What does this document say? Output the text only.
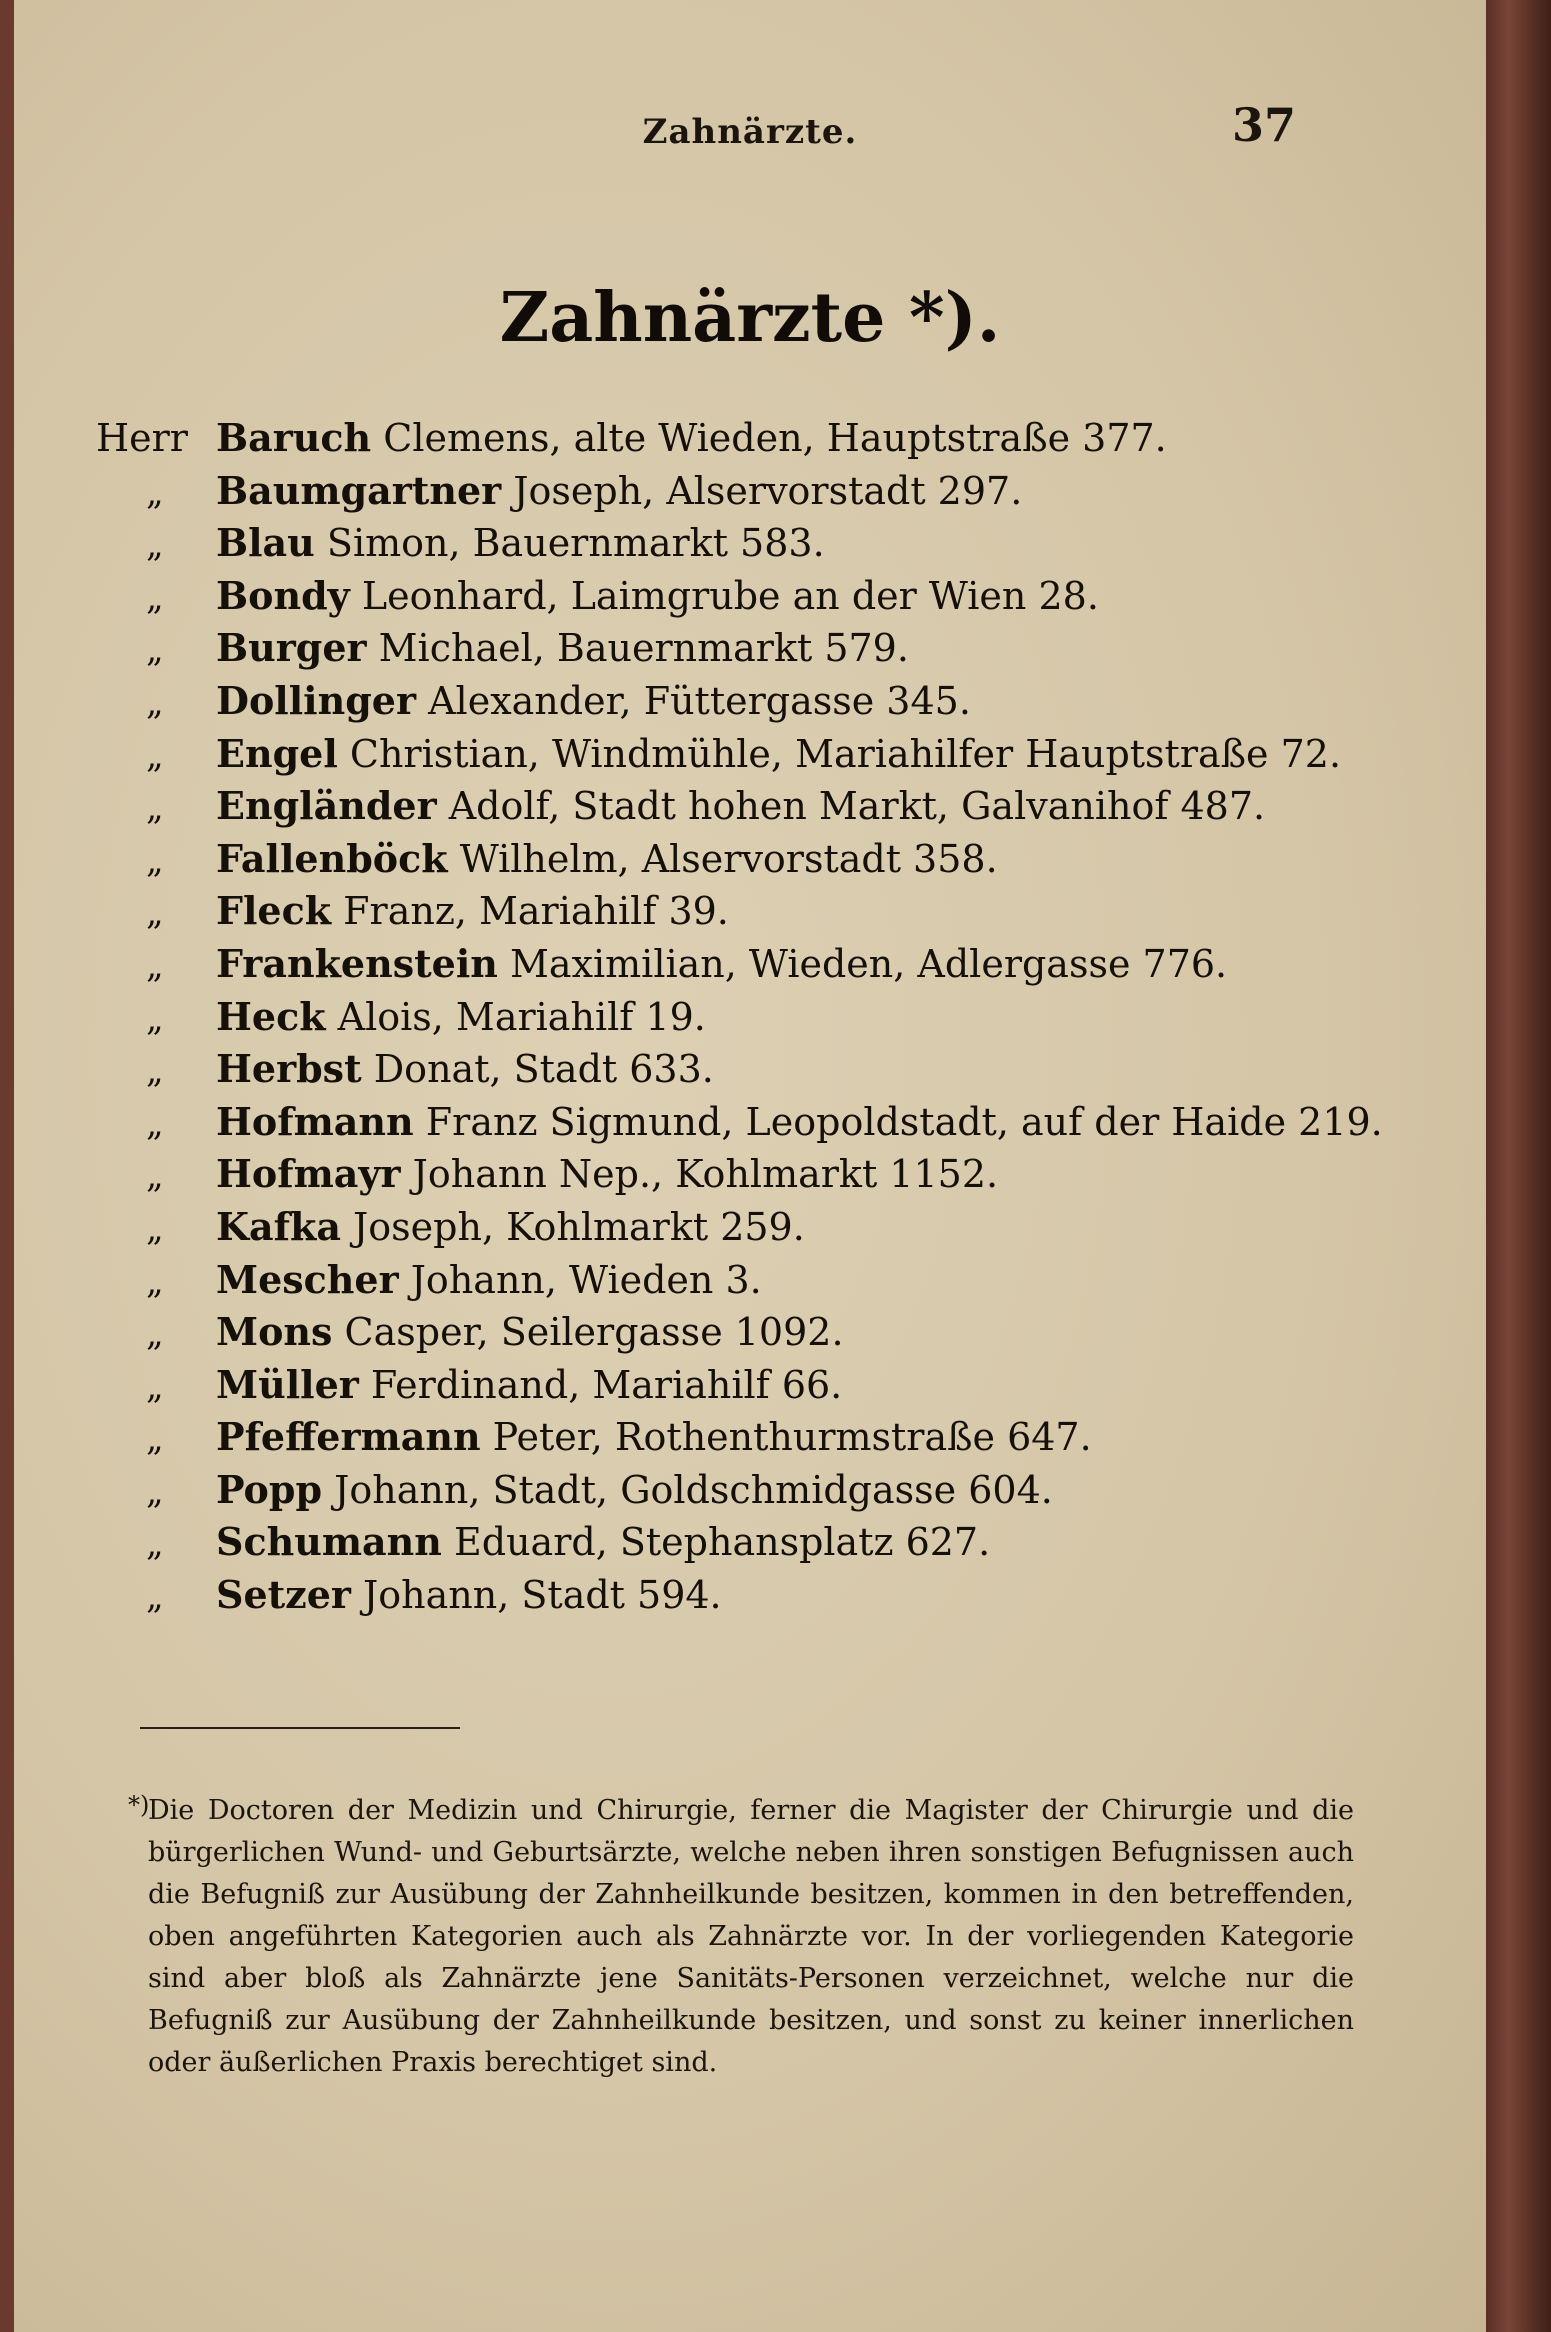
Zahnärzte.	37
Zahnärzte *).
Herr Baruch Clemens, alte Wieden, Hauptstraße 377.
„ Baumgartner Joseph, Alservorstadt 297.
„ Blau Simon, Bauernmarkt 583.
„ Bondy Leonhard, Laimgrube an der Wien 28.
„ Burger Michael, Bauernmarkt 579.
„ Dollinger Alexander, Füttergasse 345.
„ Engel Christian, Windmühle, Mariahilfer Hauptstraße 72.
„ Engländer Adolf, Stadt hohen Markt, Galvanihof 487.
„ Fallenböck Wilhelm, Alservorstadt 358.
„ Fleck Franz, Mariahilf 39.
„ Frankenstein Maximilian, Wieden, Adlergasse 776.
„ Heck Alois, Mariahilf 19.
„ Herbst Donat, Stadt 633.
„ Hofmann Franz Sigmund, Leopoldstadt, auf der Haide 219.
„ Hofmayr Johann Nep., Kohlmarkt 1152.
„ Kafka Joseph, Kohlmarkt 259.
„ Mescher Johann, Wieden 3.
„ Mons Casper, Seilergasse 1092.
„ Müller Ferdinand, Mariahilf 66.
„ Pfeffermann Peter, Rothenthurmstraße 647.
„ Popp Johann, Stadt, Goldschmidgasse 604.
„ Schumann Eduard, Stephansplatz 627.
„ Setzer Johann, Stadt 594.
*)
Die Doctoren der Medizin und Chirurgie, ferner die Magister der Chirurgie und die bürgerlichen Wund- und Geburtsärzte, welche neben ihren sonstigen Befugnissen auch die Befugniß zur Ausübung der Zahnheilkunde besitzen, kommen in den betreffenden, oben angeführten Kategorien auch als Zahnärzte vor. In der vorliegenden Kategorie sind aber bloß als Zahnärzte jene Sanitäts-Personen verzeichnet, welche nur die Befugniß zur Ausübung der Zahnheilkunde besitzen, und sonst zu keiner innerlichen oder äußerlichen Praxis berechtiget sind.
